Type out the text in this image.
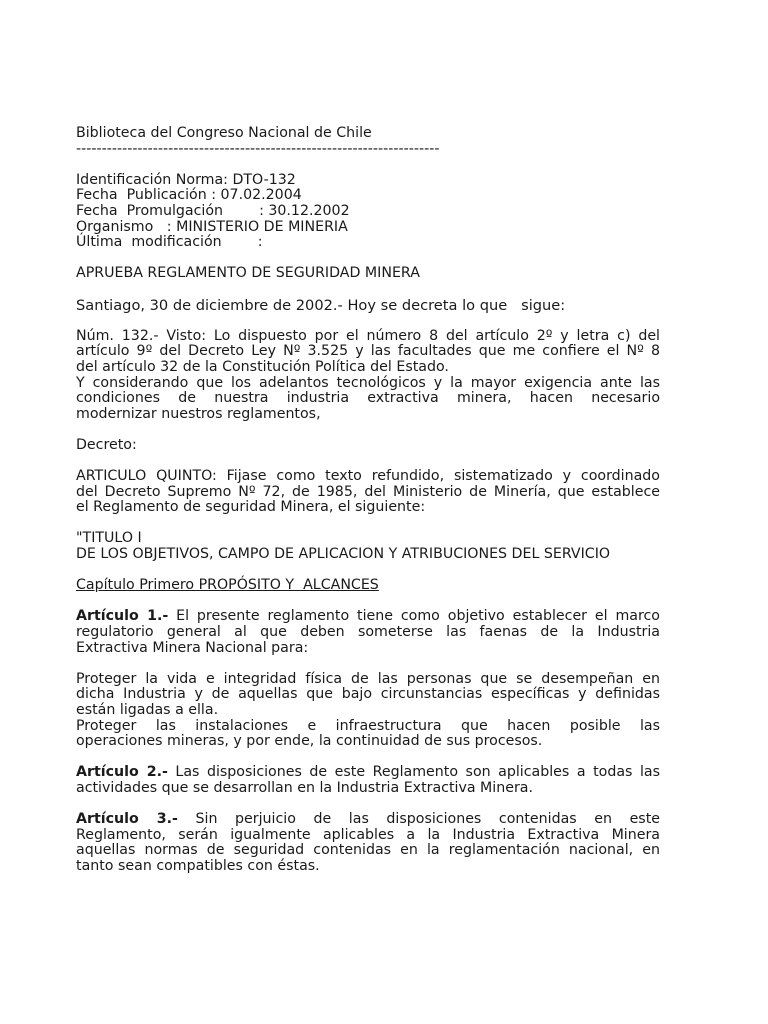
Biblioteca del Congreso Nacional de Chile
-----------------------------------------------------------------------
Identificación Norma: DTO-132
Fecha  Publicación : 07.02.2004
Fecha  Promulgación        : 30.12.2002
Organismo   : MINISTERIO DE MINERIA
Última  modificación        :
APRUEBA REGLAMENTO DE SEGURIDAD MINERA
Santiago, 30 de diciembre de 2002.- Hoy se decreta lo que   sigue:
Núm. 132.- Visto: Lo dispuesto por el número 8 del artículo 2º y letra c) del
artículo 9º del Decreto Ley Nº 3.525 y las facultades que me confiere el Nº 8
del artículo 32 de la Constitución Política del Estado.
Y considerando que los adelantos tecnológicos y la mayor exigencia ante las
condiciones de nuestra industria extractiva minera, hacen necesario
modernizar nuestros reglamentos,
Decreto:
ARTICULO QUINTO: Fijase como texto refundido, sistematizado y coordinado
del Decreto Supremo Nº 72, de 1985, del Ministerio de Minería, que establece
el Reglamento de seguridad Minera, el siguiente:
"TITULO I
DE LOS OBJETIVOS, CAMPO DE APLICACION Y ATRIBUCIONES DEL SERVICIO
Capítulo Primero PROPÓSITO Y  ALCANCES
Artículo 1.- El presente reglamento tiene como objetivo establecer el marco
regulatorio general al que deben someterse las faenas de la Industria
Extractiva Minera Nacional para:
Proteger la vida e integridad física de las personas que se desempeñan en
dicha Industria y de aquellas que bajo circunstancias específicas y definidas
están ligadas a ella.
Proteger las instalaciones e infraestructura que hacen posible las
operaciones mineras, y por ende, la continuidad de sus procesos.
Artículo 2.- Las disposiciones de este Reglamento son aplicables a todas las
actividades que se desarrollan en la Industria Extractiva Minera.
Artículo 3.- Sin perjuicio de las disposiciones contenidas en este
Reglamento, serán igualmente aplicables a la Industria Extractiva Minera
aquellas normas de seguridad contenidas en la reglamentación nacional, en
tanto sean compatibles con éstas.
